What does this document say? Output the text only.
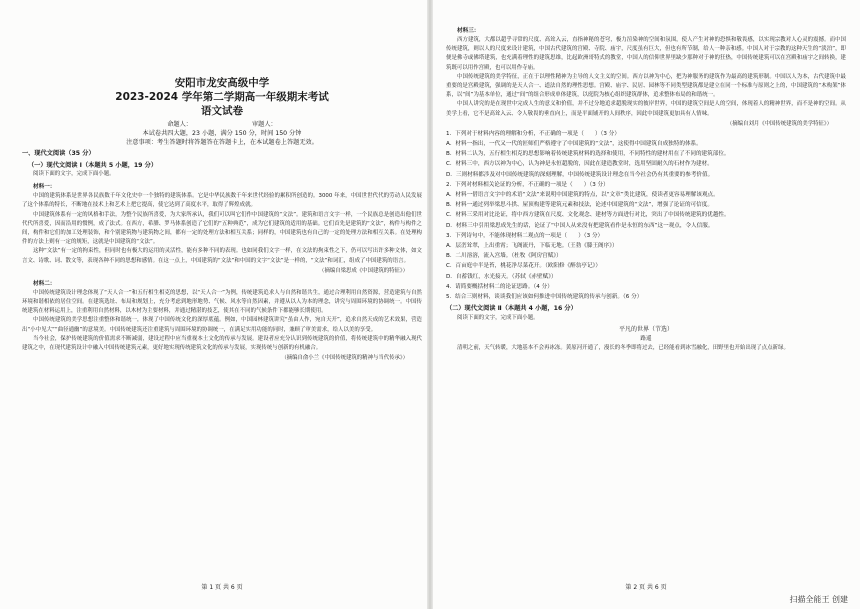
安阳市龙安高级中学
2023-2024 学年第二学期高一年级期末考试
语文试卷
命题人：	审题人：
本试卷共四大题，23 小题，满分 150 分，时间 150 分钟
注意事项：考生答题时将答题答在答题卡上，在本试题卷上答题无效。
一、现代文阅读（35 分）
（一）现代文阅读 Ⅰ（本题共 5 小题，19 分）
阅读下面的文字，完成下面小题。
材料一：
中国的建筑体系是世界各民族数千年文化史中一个独特的建筑体系。它是中华民族数千年来世代经验的累积所创造的。3000 年来，中国世世代代的劳动人民发展了这个体系的特长，不断地在技术上和艺术上把它提高，使它达到了高度水平，取得了辉煌成就。
中国建筑体系有一定的风格和手法，为整个民族所喜爱，为大家所承认，我们可以叫它们作中国建筑的“文法”。建筑和语言文字一样，一个民族总是创造出他们世代代所喜爱，因而沿用的惯例，成了法式。在西方，希腊、罗马体系创造了它们的“五种典范”，成为它们建筑的适用的基础。它们首先是建筑的“文法”，构件与构件之间，构件和它们的加工处理装饰，和个别建筑物与建筑物之间，都有一定的处理方法和相互关系；同样的，中国建筑也有自己的一定的处理方法和相互关系。在处理构件的方法上则有一定的规矩，这就是中国建筑的“文法”。
这种“文法”有一定的拘束性，但同时也有极大的运用的灵活性，能有多种不同的表现。也如同我们文字一样，在文法的拘束性之下，仍可以写出许多种文体，如文言文、诗歌、词、散文等，表现各种不同的思想和感情。在这一点上，中国建筑的“文法”和中国的文字“文法”是一样的，“文法”和词汇，组成了中国建筑的语言。
（摘编自梁思成《中国建筑的特征》）
材料二：
中国传统建筑设计理念体现了“天人合一”和五行相生相克的思想，以“天人合一”为例，传统建筑追求人与自然和谐共生，通过合理利用自然资源，营造建筑与自然环境和谐相依的居住空间。在建筑选址、布局和规划上，充分考虑到地形地势、气候、风水等自然因素，并遵从以人为本的理念，讲究与周围环境的协调统一。中国传统建筑在材料运用上，注重利用自然材料，以木材为主要材料，并通过精湛的技艺，使其在不同的气候条件下都能够长期使用。
中国传统建筑的美学思想注重整体和谐统一，体现了中国传统文化的深厚底蕴。例如，中国园林建筑讲究“虽由人作，宛自天开”，追求自然天成的艺术效果，营造出“小中见大”“曲径通幽”的意境美。中国传统建筑还注重建筑与周围环境的协调统一，在满足实用功能的同时，兼顾了审美需求，给人以美的享受。
当今社会，保护传统建筑的价值需求不断减弱，建设过程中应当重视本土文化的传承与发展。建设者应充分认识到传统建筑的价值，将传统建筑中的精华融入现代建筑之中，在现代建筑设计中融入中国传统建筑元素，更好地实现传统建筑文化的传承与发展，实现传统与创新的有机融合。
（摘编自俞小兰《中国传统建筑的精神与当代传承》）
第 1 页 共 6 页
材料三：
西方建筑，大都以超乎寻常的尺度、高耸入云，直指神秘的苍穹，极力渲染神的空间和氛围，使人产生对神的恐惧和敬畏感，以实现宗教对人心灵的震撼。而中国传统建筑，则以人的尺度来设计建筑，中国古代建筑的宫殿、寺院、庙宇，尺度虽有巨大，但也有所节制，给人一种亲和感。中国人对于宗教的这种天生的“淡泊”，即便是佛寺或佛塔建筑，也充满着理性的建筑思维，比起欧洲哥特式的教堂，中国人的信仰世界里缺少那种对于神的狂热，中国传统建筑可以在宫殿和庙宇之间转换，建筑既可以用作宫殿，也可以用作寺庙。
中国传统建筑的美学特征，正在于以理性精神为主导的人文主义的空间。西方以神为中心，把为神服务的建筑作为最高的建筑形制。中国以人为本，古代建筑中最重要的是宫殿建筑，强调的是天人合一、道法自然的理性思想。宫殿、庙宇、民居、园林等不同类型建筑都是建立在同一个标准与原则之上的，中国建筑的“木构架”体系，以“间”为基本单位，通过“间”的组合形成单体建筑，以庭院为核心组织建筑群体，追求整体布局的和谐统一。
中国人讲究的是在现世中完成人生的意义和价值，并不过分地追求超脱现实的彼岸世界，中国的建筑空间是人的空间，体现着人的精神世界，而不是神的空间。从美学上看，它不是高耸入云、令人敬畏的垂直向上，而是平面铺开的人间秩序，因此中国建筑更加具有人情味。
（摘编自刘月《中国传统建筑的美学特征》）
1．下列对于材料内容的理解和分析，不正确的一项是（　　）（3 分）
A．材料一指出，一代又一代的匠师们严格遵守了中国建筑的“文法”，这使得中国建筑自成独特的体系。
B．材料二认为，五行相生相克的思想影响着传统建筑材料的选择和使用，不同特性的建材用在了不同的建筑部位。
C．材料三中，西方以神为中心，认为神是永恒超脱的，因此在建造教堂时，选用坚固耐久的石材作为建材。
D．三则材料都涉及对中国传统建筑的深刻理解，中国传统建筑设计理念在当今社会仍有其重要的参考价值。
2．下列对材料相关论证的分析，不正确的一项是（　　）（3 分）
A．材料一借语言文字中的术语“文法”来说明中国建筑的特点，以“文章”类比建筑，使读者更容易理解该观点。
B．材料一通过列举梁思斗拱、屋顶构建等建筑元素和技法，论述中国建筑的“文法”，增强了论证的可信度。
C．材料三采用对比论证，将中西方建筑在尺度、文化观念、建材等方面进行对比，突出了中国传统建筑的优越性。
D．材料三中引用梁思成先生的话，论证了“中国人从来没有把建筑看作是永恒的东西”这一观点，令人信服。
3．下列诗句中，不能体现材料二观点的一项是（　　）（3 分）
A．层峦耸翠，上出重霄；飞阁流丹，下临无地。（王勃《滕王阁序》）
B．二川溶溶，流入宫墙。（杜牧《阿房宫赋》）
C．百亩庭中半是苔，桃花净尽菜花开。（欧阳修《醉翁亭记》）
D．自蓄钱红，水光接天。（苏轼《赤壁赋》）
4．请简要概括材料二的论证思路。（4 分）
5．结合三则材料，谈谈我们应该如何推进中国传统建筑的传承与创新。（6 分）
（二）现代文阅读 Ⅱ（本题共 4 小题，16 分）
阅读下面的文字，完成下面小题。
平凡的世界（节选）
路遥
清明之前，天气转暖，大地基本不会再冰冻。黄原河开通了，漫长的冬季即将过去，已经能看到冰雪融化，田野里也开始出现了点点新绿。
第 2 页 共 6 页
扫描全能王 创建
